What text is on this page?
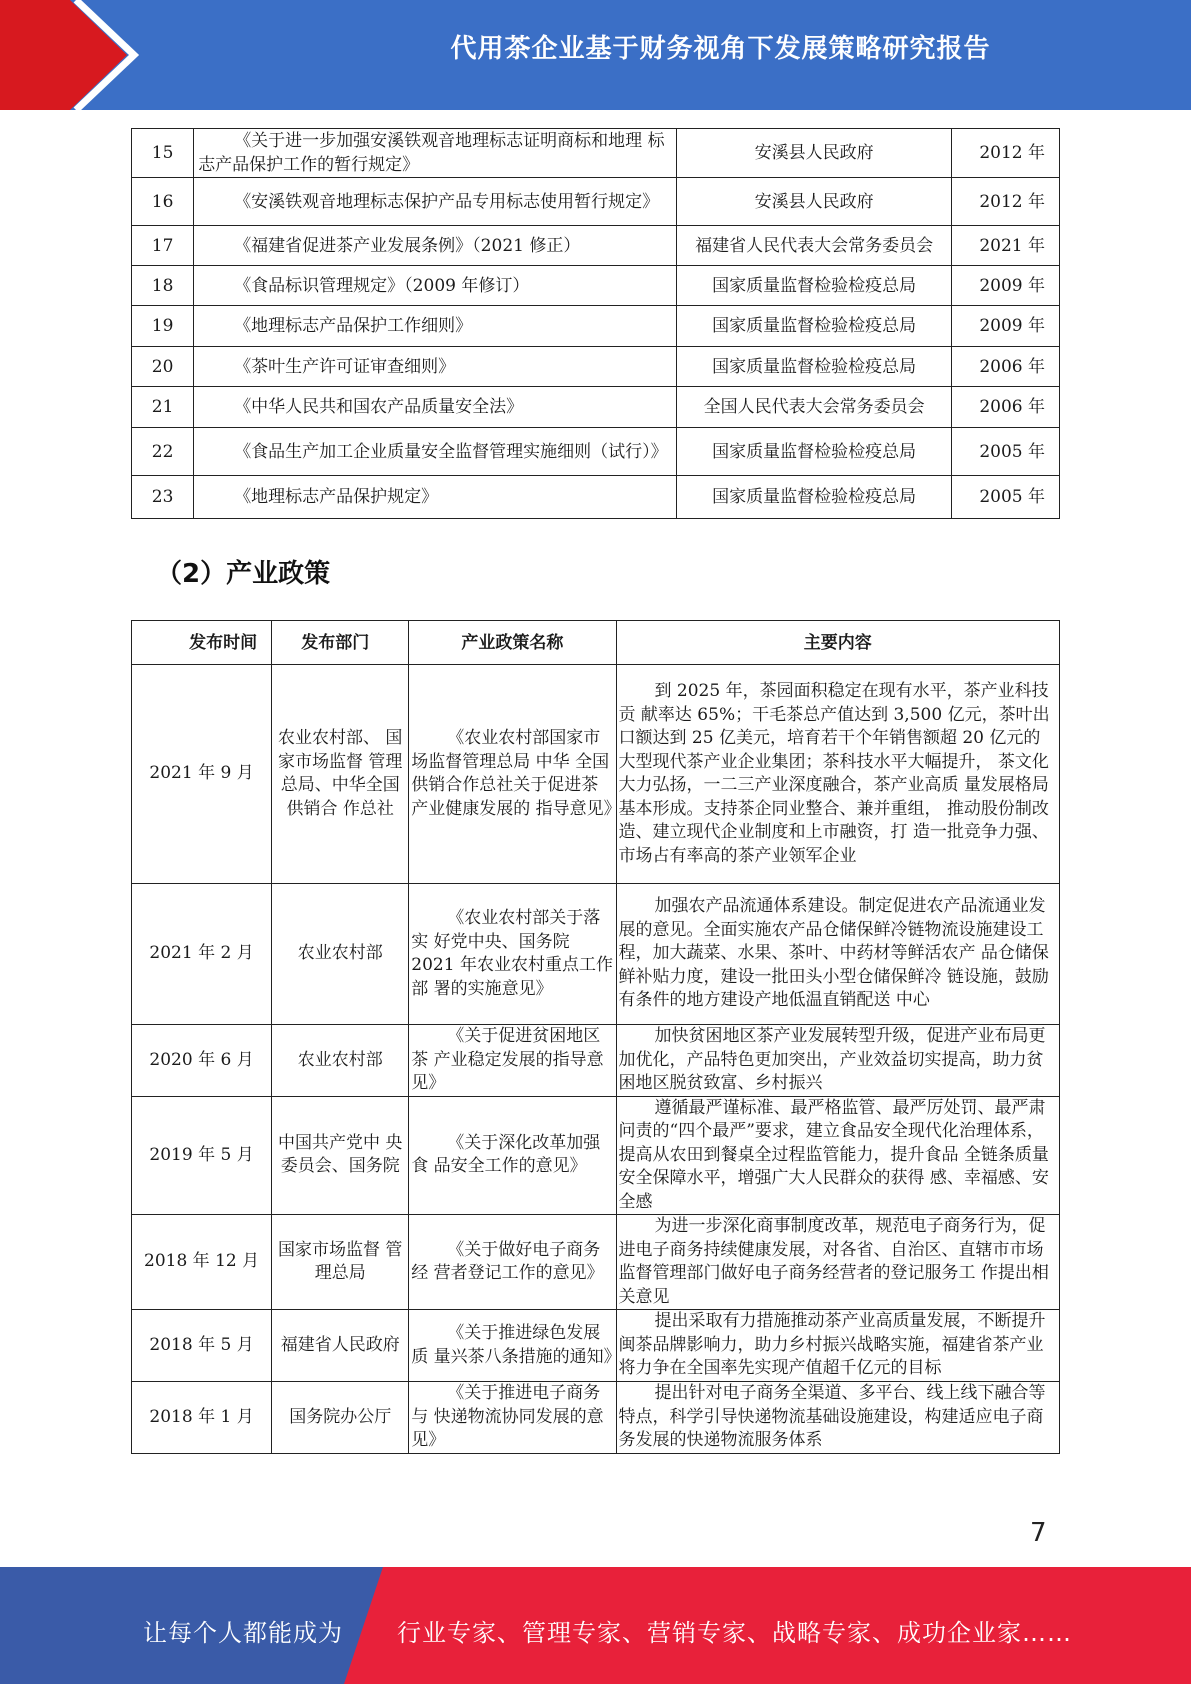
代用茶企业基于财务视角下发展策略研究报告
15	《关于进一步加强安溪铁观音地理标志证明商标和地理 标志产品保护工作的暂行规定》	安溪县人民政府	2012 年
16	《安溪铁观音地理标志保护产品专用标志使用暂行规定》	安溪县人民政府	2012 年
17	《福建省促进茶产业发展条例》（2021 修正）	福建省人民代表大会常务委员会	2021 年
18	《食品标识管理规定》（2009 年修订）	国家质量监督检验检疫总局	2009 年
19	《地理标志产品保护工作细则》	国家质量监督检验检疫总局	2009 年
20	《茶叶生产许可证审查细则》	国家质量监督检验检疫总局	2006 年
21	《中华人民共和国农产品质量安全法》	全国人民代表大会常务委员会	2006 年
22	《食品生产加工企业质量安全监督管理实施细则（试行）》	国家质量监督检验检疫总局	2005 年
23	《地理标志产品保护规定》	国家质量监督检验检疫总局	2005 年
（2）产业政策
发布时间	发布部门	产业政策名称	主要内容
2021 年 9 月	农业农村部、 国家市场监督 管理总局、中华全国供销合 作总社	《农业农村部国家市场监督管理总局 中华 全国供销合作总社关于促进茶产业健康发展的 指导意见》	到 2025 年，茶园面积稳定在现有水平，茶产业科技贡 献率达 65%；干毛茶总产值达到 3,500 亿元，茶叶出口额达到 25 亿美元，培育若干个年销售额超 20 亿元的大型现代茶产业企业集团；茶科技水平大幅提升， 茶文化大力弘扬，一二三产业深度融合，茶产业高质 量发展格局基本形成。支持茶企同业整合、兼并重组， 推动股份制改造、建立现代企业制度和上市融资，打 造一批竞争力强、市场占有率高的茶产业领军企业
2021 年 2 月	农业农村部	《农业农村部关于落实 好党中央、国务院 2021 年农业农村重点工作部 署的实施意见》	加强农产品流通体系建设。制定促进农产品流通业发 展的意见。全面实施农产品仓储保鲜冷链物流设施建设工程，加大蔬菜、水果、茶叶、中药材等鲜活农产 品仓储保鲜补贴力度，建设一批田头小型仓储保鲜冷 链设施，鼓励有条件的地方建设产地低温直销配送 中心
2020 年 6 月	农业农村部	《关于促进贫困地区茶 产业稳定发展的指导意 见》	加快贫困地区茶产业发展转型升级，促进产业布局更 加优化，产品特色更加突出，产业效益切实提高，助力贫困地区脱贫致富、乡村振兴
2019 年 5 月	中国共产党中 央委员会、国务院	《关于深化改革加强食 品安全工作的意见》	遵循最严谨标准、最严格监管、最严厉处罚、最严肃 问责的“四个最严”要求，建立食品安全现代化治理体系，提高从农田到餐桌全过程监管能力，提升食品 全链条质量安全保障水平，增强广大人民群众的获得 感、幸福感、安全感
2018 年 12 月	国家市场监督 管理总局	《关于做好电子商务经 营者登记工作的意见》	为进一步深化商事制度改革，规范电子商务行为，促 进电子商务持续健康发展，对各省、自治区、直辖市市场监督管理部门做好电子商务经营者的登记服务工 作提出相关意见
2018 年 5 月	福建省人民政府	《关于推进绿色发展质 量兴茶八条措施的通知》	提出采取有力措施推动茶产业高质量发展，不断提升 闽茶品牌影响力，助力乡村振兴战略实施，福建省茶产业将力争在全国率先实现产值超千亿元的目标
2018 年 1 月	国务院办公厅	《关于推进电子商务与 快递物流协同发展的意 见》	提出针对电子商务全渠道、多平台、线上线下融合等 特点，科学引导快递物流基础设施建设，构建适应电子商务发展的快递物流服务体系
7
让每个人都能成为 行业专家、管理专家、营销专家、战略专家、成功企业家……
